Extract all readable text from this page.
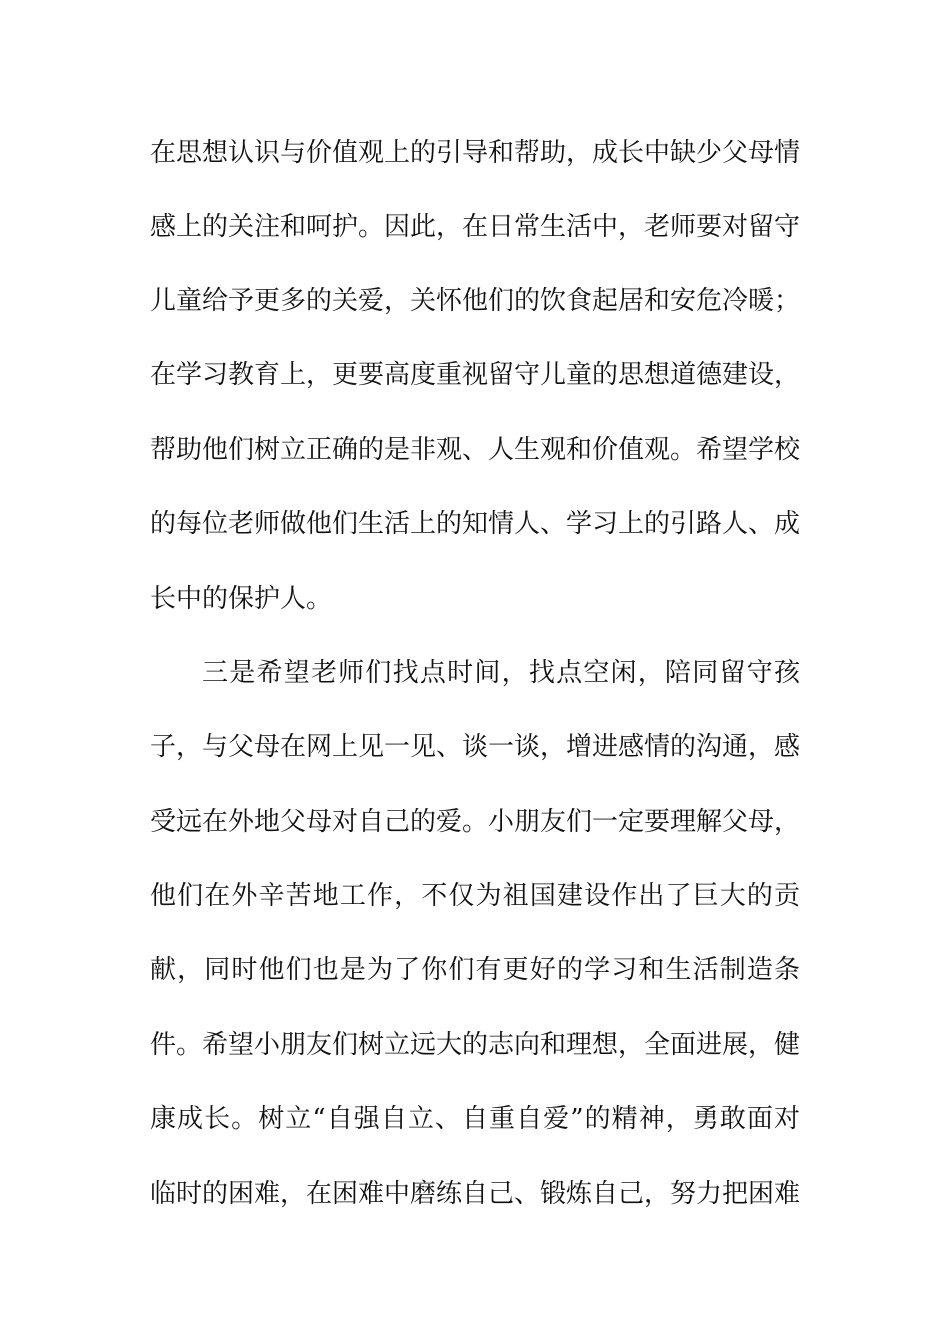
在思想认识与价值观上的引导和帮助，成长中缺少父母情
感上的关注和呵护。因此，在日常生活中，老师要对留守
儿童给予更多的关爱，关怀他们的饮食起居和安危冷暖；
在学习教育上，更要高度重视留守儿童的思想道德建设，
帮助他们树立正确的是非观、人生观和价值观。希望学校
的每位老师做他们生活上的知情人、学习上的引路人、成
长中的保护人。
三是希望老师们找点时间，找点空闲，陪同留守孩
子，与父母在网上见一见、谈一谈，增进感情的沟通，感
受远在外地父母对自己的爱。小朋友们一定要理解父母，
他们在外辛苦地工作，不仅为祖国建设作出了巨大的贡
献，同时他们也是为了你们有更好的学习和生活制造条
件。希望小朋友们树立远大的志向和理想，全面进展，健
康成长。树立“自强自立、自重自爱”的精神，勇敢面对
临时的困难，在困难中磨练自己、锻炼自己，努力把困难
